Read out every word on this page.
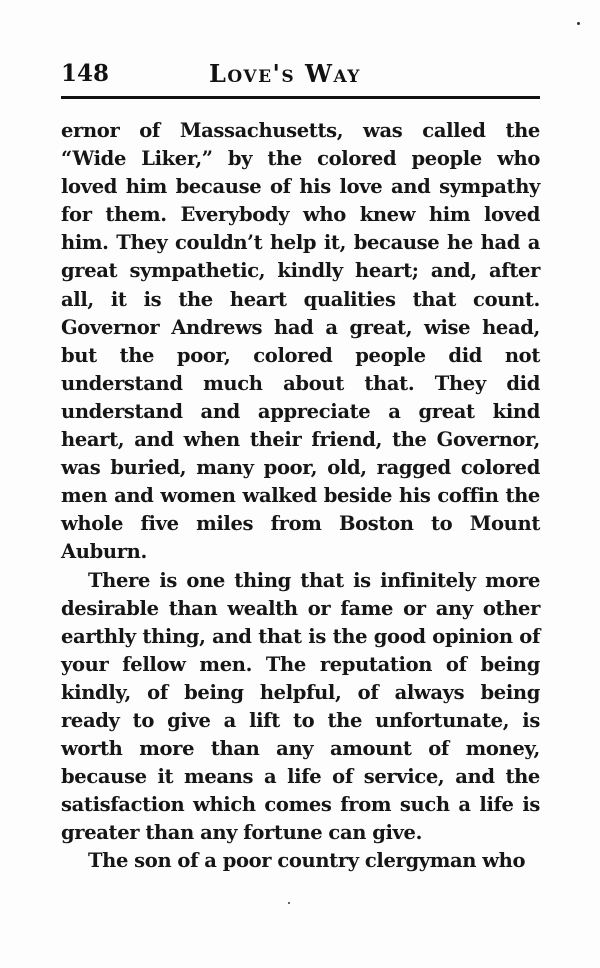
148	Love's Way

ernor of Massachusetts, was called the “Wide Liker,” by the colored people who loved him because of his love and sympathy for them. Everybody who knew him loved him. They couldn’t help it, because he had a great sympathetic, kindly heart; and, after all, it is the heart qualities that count. Governor Andrews had a great, wise head, but the poor, colored people did not understand much about that. They did understand and appreciate a great kind heart, and when their friend, the Governor, was buried, many poor, old, ragged colored men and women walked beside his coffin the whole five miles from Boston to Mount Auburn.

There is one thing that is infinitely more desirable than wealth or fame or any other earthly thing, and that is the good opinion of your fellow men. The reputation of being kindly, of being helpful, of always being ready to give a lift to the unfortunate, is worth more than any amount of money, because it means a life of service, and the satisfaction which comes from such a life is greater than any fortune can give.

The son of a poor country clergyman who
